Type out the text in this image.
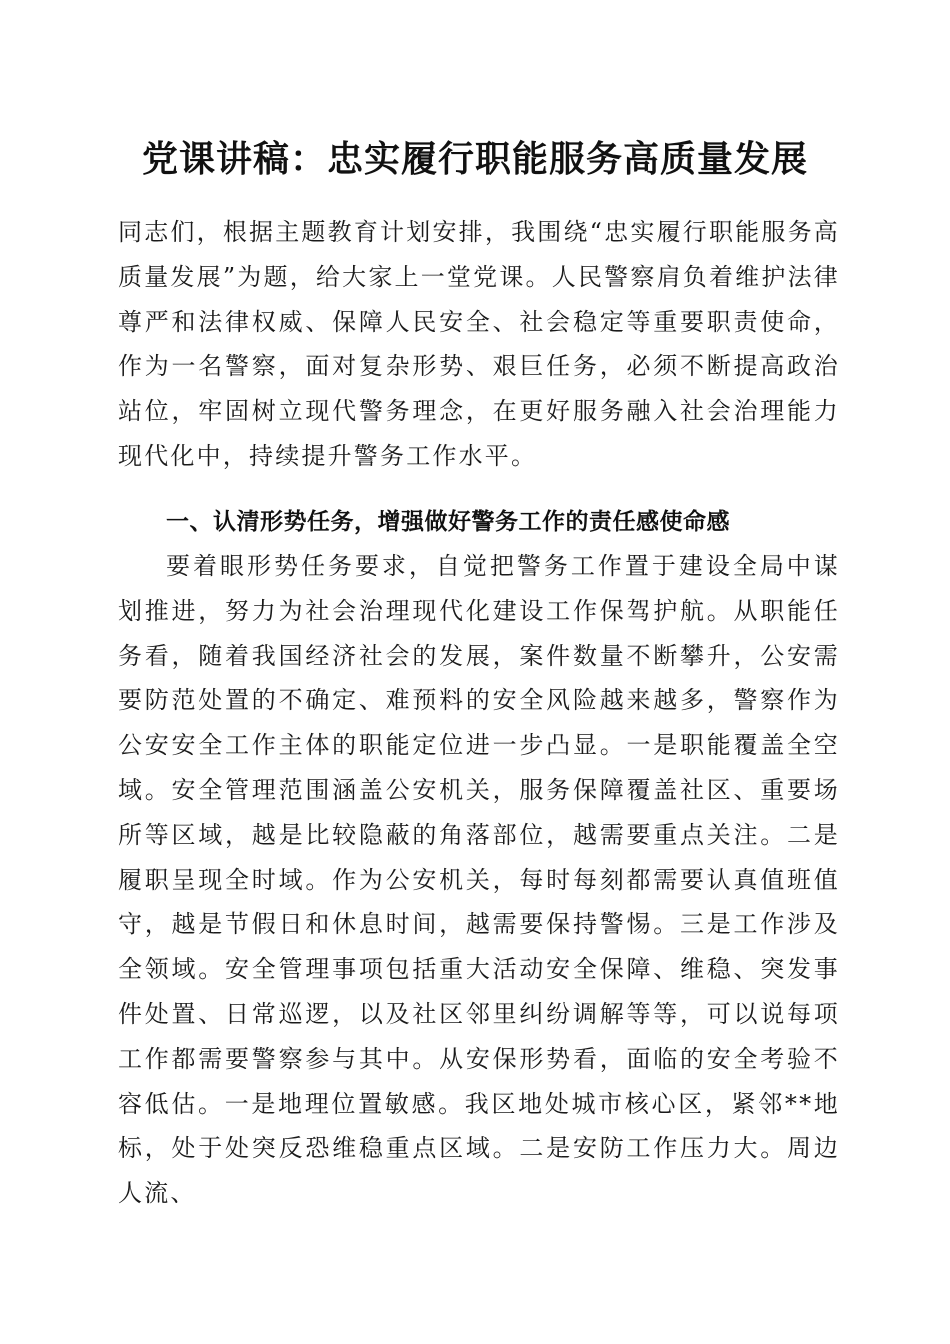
党课讲稿：忠实履行职能服务高质量发展

同志们，根据主题教育计划安排，我围绕“忠实履行职能服务高质量发展”为题，给大家上一堂党课。人民警察肩负着维护法律尊严和法律权威、保障人民安全、社会稳定等重要职责使命，作为一名警察，面对复杂形势、艰巨任务，必须不断提高政治站位，牢固树立现代警务理念，在更好服务融入社会治理能力现代化中，持续提升警务工作水平。

一、认清形势任务，增强做好警务工作的责任感使命感

要着眼形势任务要求，自觉把警务工作置于建设全局中谋划推进，努力为社会治理现代化建设工作保驾护航。从职能任务看，随着我国经济社会的发展，案件数量不断攀升，公安需要防范处置的不确定、难预料的安全风险越来越多，警察作为公安安全工作主体的职能定位进一步凸显。一是职能覆盖全空域。安全管理范围涵盖公安机关，服务保障覆盖社区、重要场所等区域，越是比较隐蔽的角落部位，越需要重点关注。二是履职呈现全时域。作为公安机关，每时每刻都需要认真值班值守，越是节假日和休息时间，越需要保持警惕。三是工作涉及全领域。安全管理事项包括重大活动安全保障、维稳、突发事件处置、日常巡逻，以及社区邻里纠纷调解等等，可以说每项工作都需要警察参与其中。从安保形势看，面临的安全考验不容低估。一是地理位置敏感。我区地处城市核心区，紧邻**地标，处于处突反恐维稳重点区域。二是安防工作压力大。周边人流、
